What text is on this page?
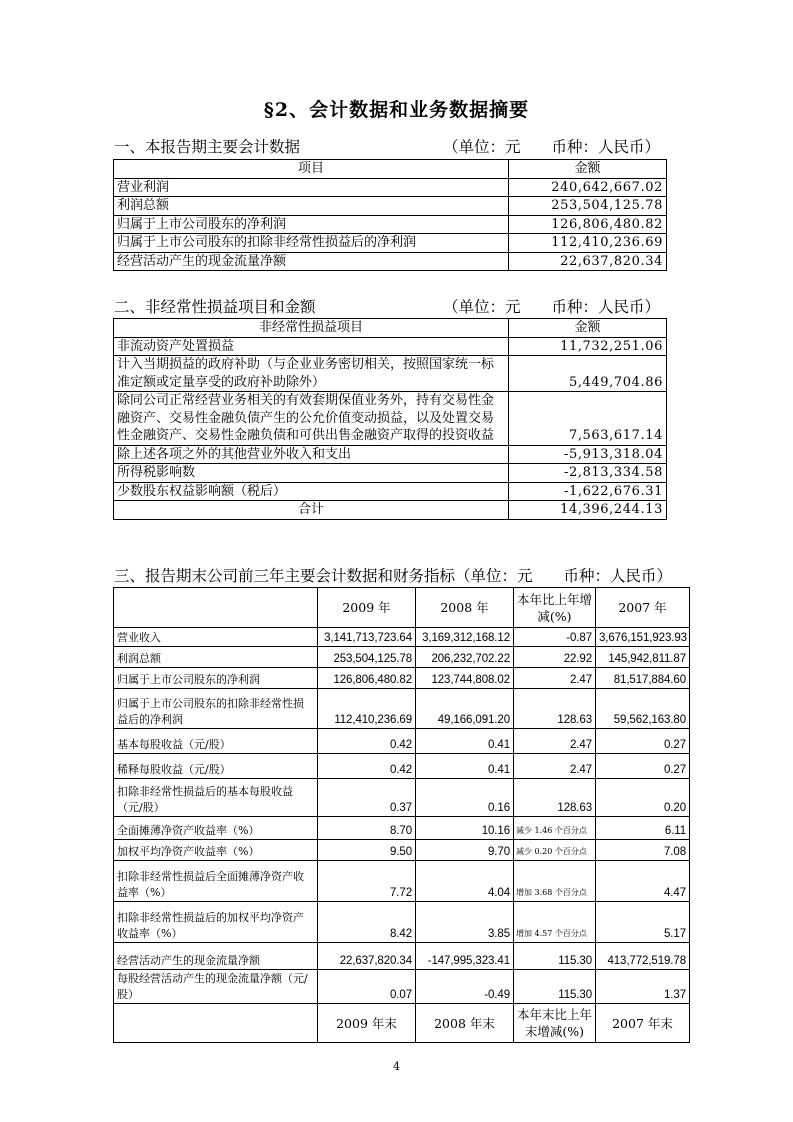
§2、会计数据和业务数据摘要
一、本报告期主要会计数据	（单位：元　　币种：人民币）
项目	金额
营业利润	240,642,667.02
利润总额	253,504,125.78
归属于上市公司股东的净利润	126,806,480.82
归属于上市公司股东的扣除非经常性损益后的净利润	112,410,236.69
经营活动产生的现金流量净额	22,637,820.34
二、非经常性损益项目和金额	（单位：元　　币种：人民币）
非经常性损益项目	金额
非流动资产处置损益	11,732,251.06
计入当期损益的政府补助（与企业业务密切相关，按照国家统一标准定额或定量享受的政府补助除外）	5,449,704.86
除同公司正常经营业务相关的有效套期保值业务外，持有交易性金融资产、交易性金融负债产生的公允价值变动损益，以及处置交易性金融资产、交易性金融负债和可供出售金融资产取得的投资收益	7,563,617.14
除上述各项之外的其他营业外收入和支出	-5,913,318.04
所得税影响数	-2,813,334.58
少数股东权益影响额（税后）	-1,622,676.31
合计	14,396,244.13
三、报告期末公司前三年主要会计数据和财务指标（单位：元　　币种：人民币）
	2009 年	2008 年	本年比上年增减(%)	2007 年
营业收入	3,141,713,723.64	3,169,312,168.12	-0.87	3,676,151,923.93
利润总额	253,504,125.78	206,232,702.22	22.92	145,942,811.87
归属于上市公司股东的净利润	126,806,480.82	123,744,808.02	2.47	81,517,884.60
归属于上市公司股东的扣除非经常性损益后的净利润	112,410,236.69	49,166,091.20	128.63	59,562,163.80
基本每股收益（元/股）	0.42	0.41	2.47	0.27
稀释每股收益（元/股）	0.42	0.41	2.47	0.27
扣除非经常性损益后的基本每股收益（元/股）	0.37	0.16	128.63	0.20
全面摊薄净资产收益率（%）	8.70	10.16	减少 1.46 个百分点	6.11
加权平均净资产收益率（%）	9.50	9.70	减少 0.20 个百分点	7.08
扣除非经常性损益后全面摊薄净资产收益率（%）	7.72	4.04	增加 3.68 个百分点	4.47
扣除非经常性损益后的加权平均净资产收益率（%）	8.42	3.85	增加 4.57 个百分点	5.17
经营活动产生的现金流量净额	22,637,820.34	-147,995,323.41	115.30	413,772,519.78
每股经营活动产生的现金流量净额（元/股）	0.07	-0.49	115.30	1.37
	2009 年末	2008 年末	本年末比上年末增减(%)	2007 年末
4
